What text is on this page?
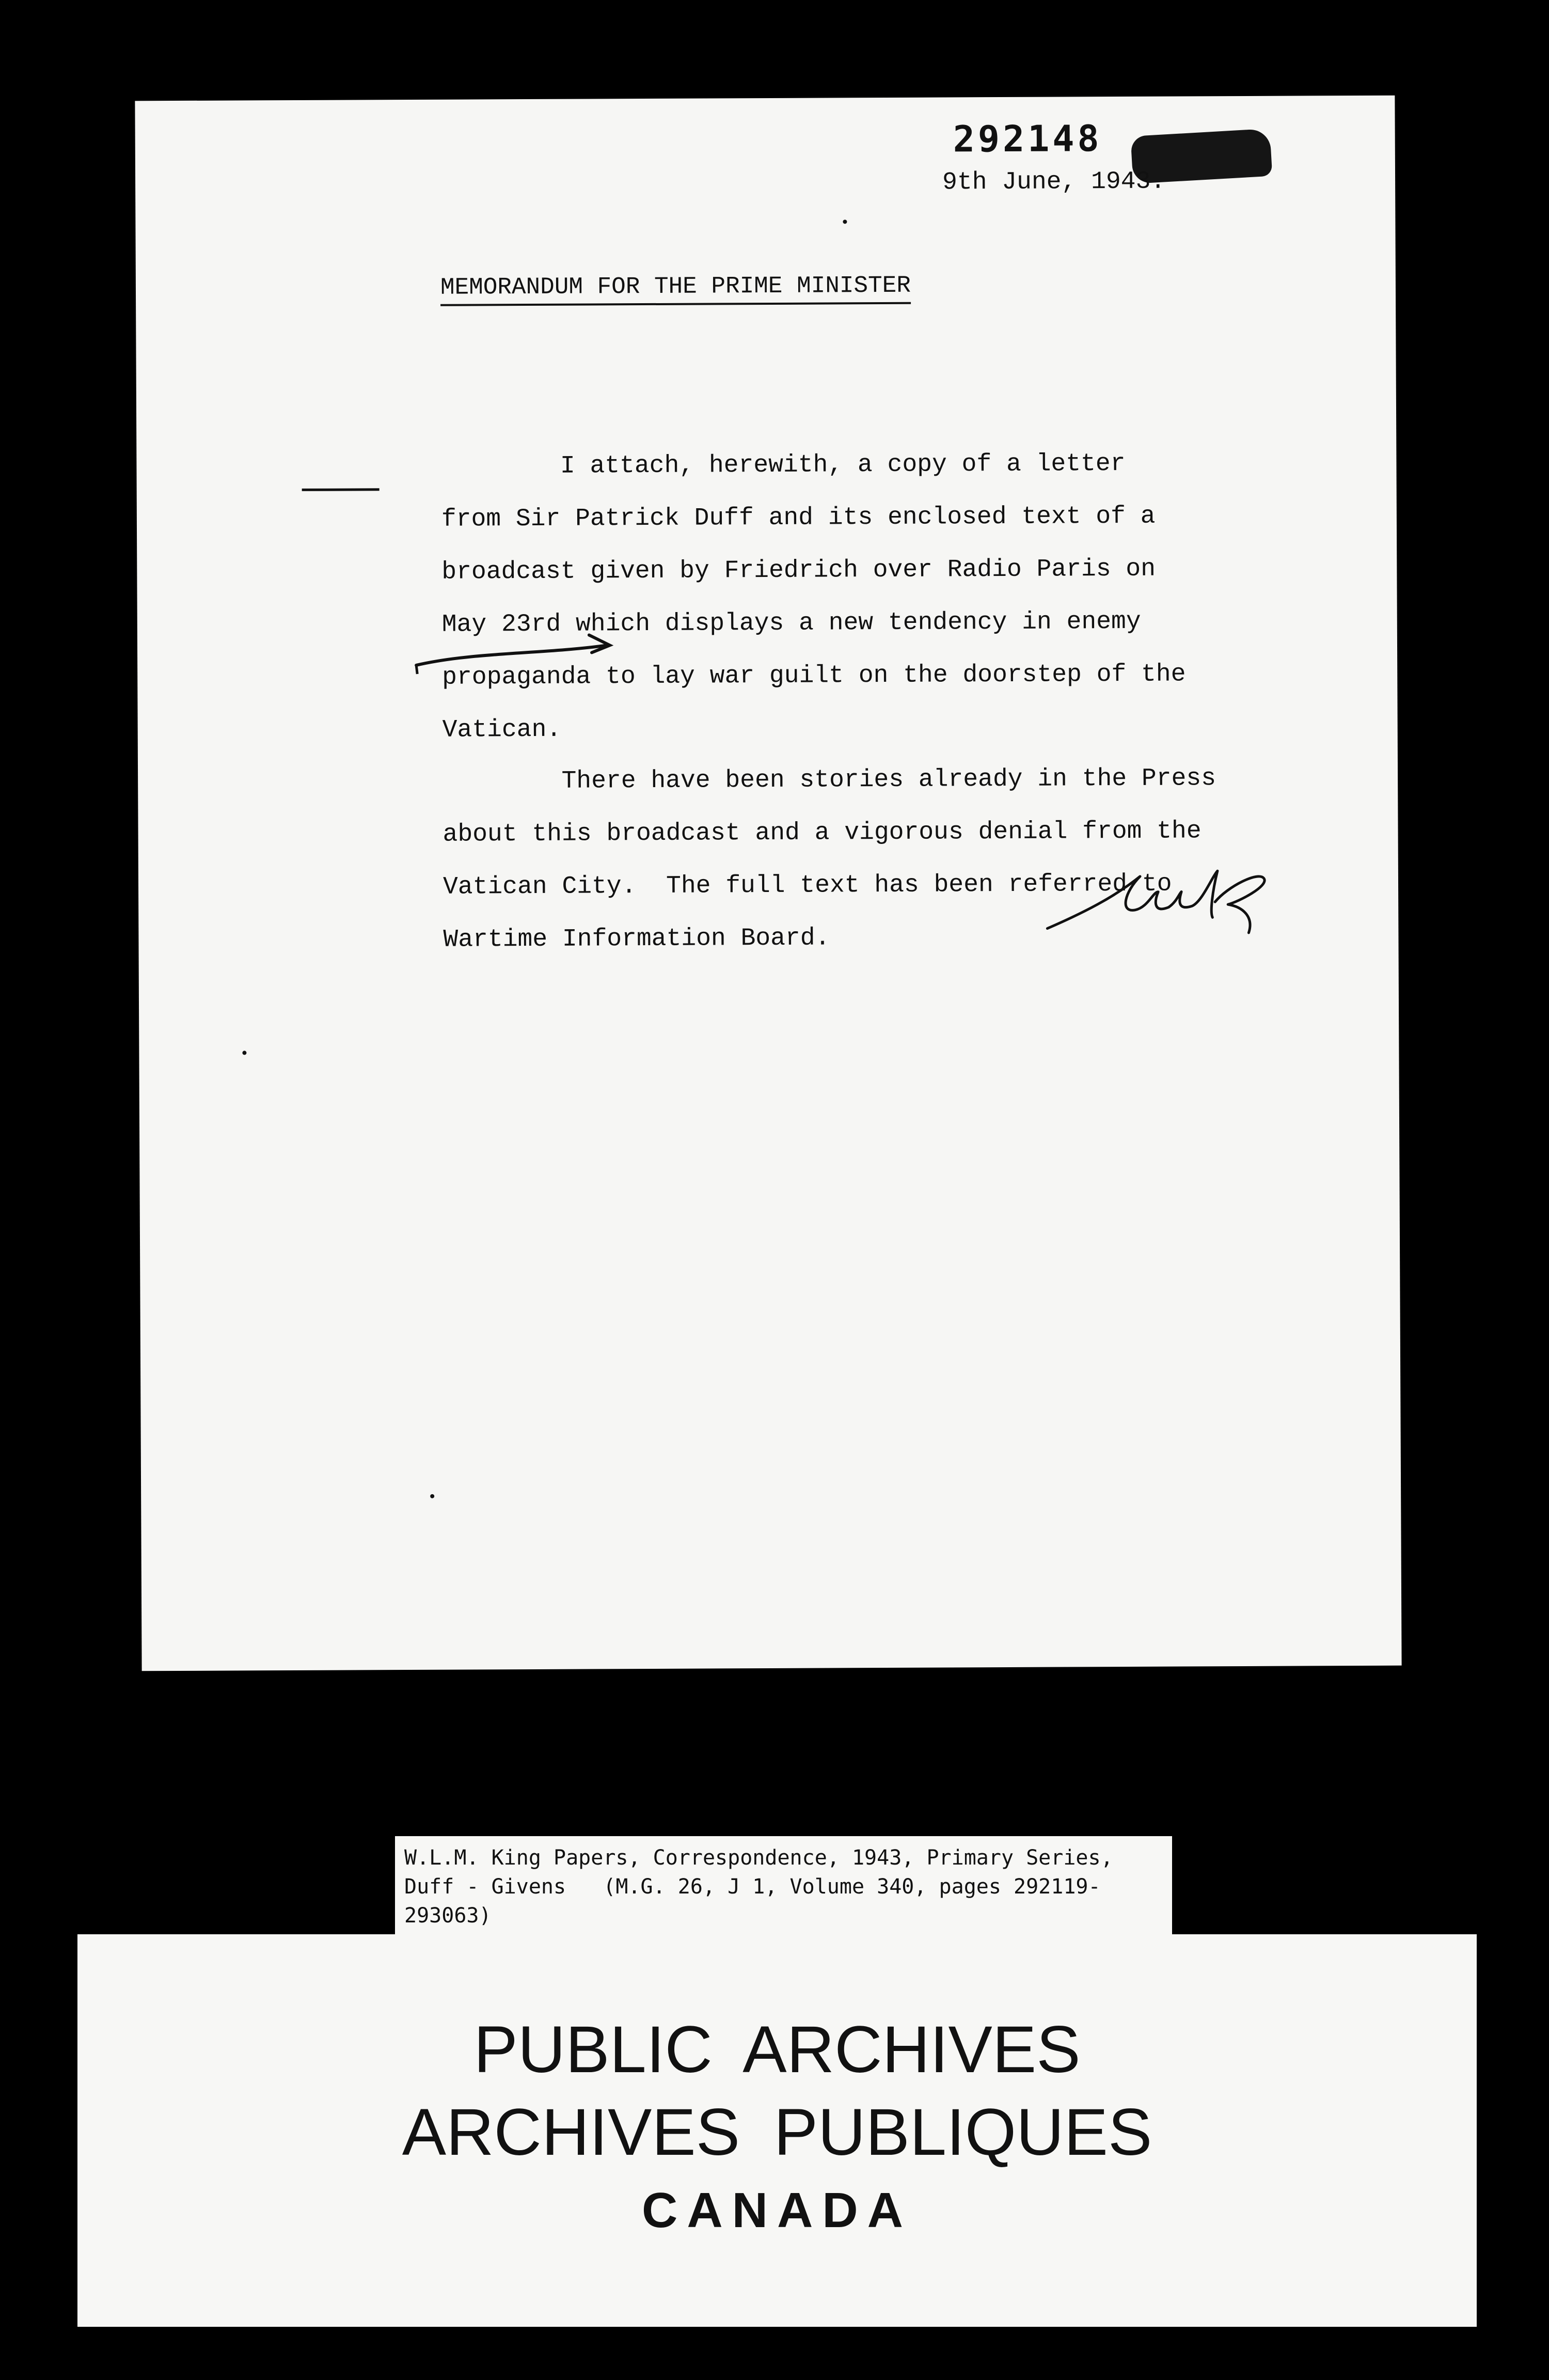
292148
9th June, 1943.
MEMORANDUM FOR THE PRIME MINISTER

I attach, herewith, a copy of a letter
from Sir Patrick Duff and its enclosed text of a
broadcast given by Friedrich over Radio Paris on
May 23rd which displays a new tendency in enemy
propaganda to lay war guilt on the doorstep of the
Vatican.

There have been stories already in the Press
about this broadcast and a vigorous denial from the
Vatican City.  The full text has been referred to
Wartime Information Board.

W.L.M. King Papers, Correspondence, 1943, Primary Series,
Duff - Givens   (M.G. 26, J 1, Volume 340, pages 292119-
293063)

PUBLIC ARCHIVES
ARCHIVES PUBLIQUES
CANADA
